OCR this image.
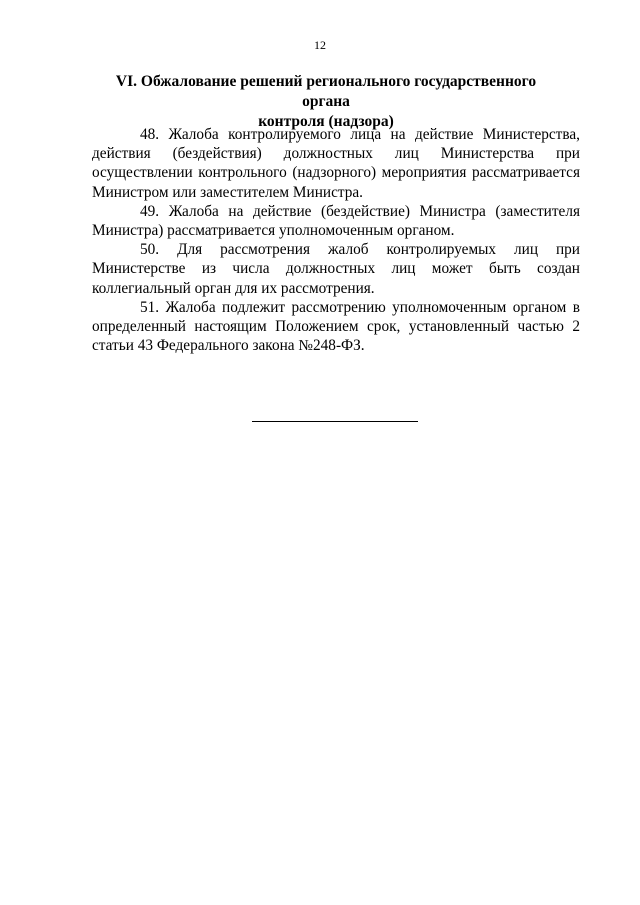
12
VI. Обжалование решений регионального государственного органа
контроля (надзора)

48. Жалоба контролируемого лица на действие Министерства, действия (бездействия) должностных лиц Министерства при осуществлении контрольного (надзорного) мероприятия рассматривается Министром или заместителем Министра.

49. Жалоба на действие (бездействие) Министра (заместителя Министра) рассматривается уполномоченным органом.

50. Для рассмотрения жалоб контролируемых лиц при Министерстве из числа должностных лиц может быть создан коллегиальный орган для их рассмотрения.

51. Жалоба подлежит рассмотрению уполномоченным органом в определенный настоящим Положением срок, установленный частью 2 статьи 43 Федерального закона №248-ФЗ.
